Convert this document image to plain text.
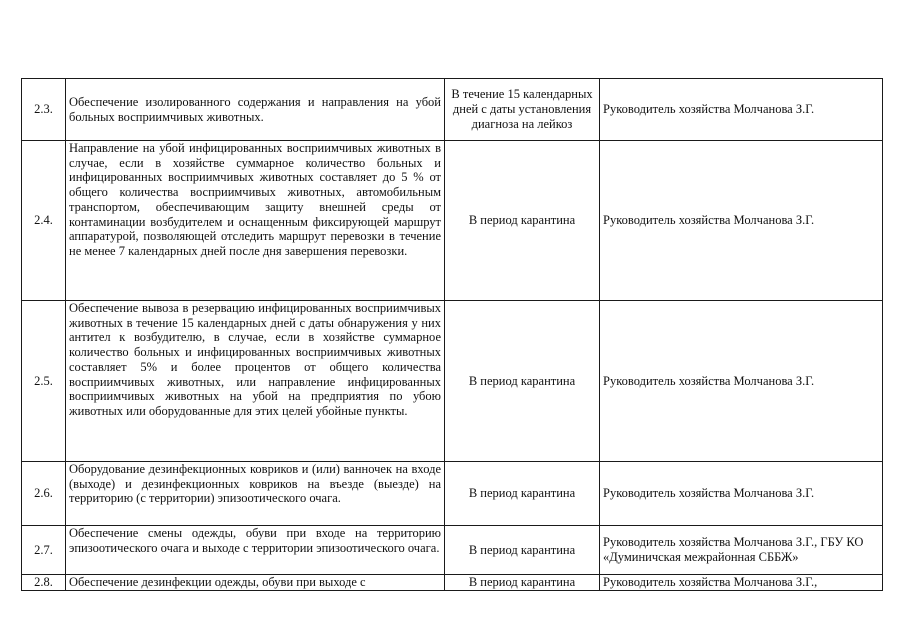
2.3.	Обеспечение изолированного содержания и направления на убой больных восприимчивых животных.	В течение 15 календарных дней с даты установления диагноза на лейкоз	Руководитель хозяйства Молчанова З.Г.
2.4.	Направление на убой инфицированных восприимчивых животных в случае, если в хозяйстве суммарное количество больных и инфицированных восприимчивых животных составляет до 5 % от общего количества восприимчивых животных, автомобильным транспортом, обеспечивающим защиту внешней среды от контаминации возбудителем и оснащенным фиксирующей маршрут аппаратурой, позволяющей отследить маршрут перевозки в течение не менее 7 календарных дней после дня завершения перевозки.	В период карантина	Руководитель хозяйства Молчанова З.Г.
2.5.	Обеспечение вывоза в резервацию инфицированных восприимчивых животных в течение 15 календарных дней с даты обнаружения у них антител к возбудителю, в случае, если в хозяйстве суммарное количество больных и инфицированных восприимчивых животных составляет 5% и более процентов от общего количества восприимчивых животных, или направление инфицированных восприимчивых животных на убой на предприятия по убою животных или оборудованные для этих целей убойные пункты.	В период карантина	Руководитель хозяйства Молчанова З.Г.
2.6.	Оборудование дезинфекционных ковриков и (или) ванночек на входе (выходе) и дезинфекционных ковриков на въезде (выезде) на территорию (с территории) эпизоотического очага.	В период карантина	Руководитель хозяйства Молчанова З.Г.
2.7.	Обеспечение смены одежды, обуви при входе на территорию эпизоотического очага и выходе с территории эпизоотического очага.	В период карантина	Руководитель хозяйства Молчанова З.Г., ГБУ КО «Думиничская межрайонная СББЖ»
2.8.	Обеспечение дезинфекции одежды, обуви при выходе с	В период карантина	Руководитель хозяйства Молчанова З.Г.,
